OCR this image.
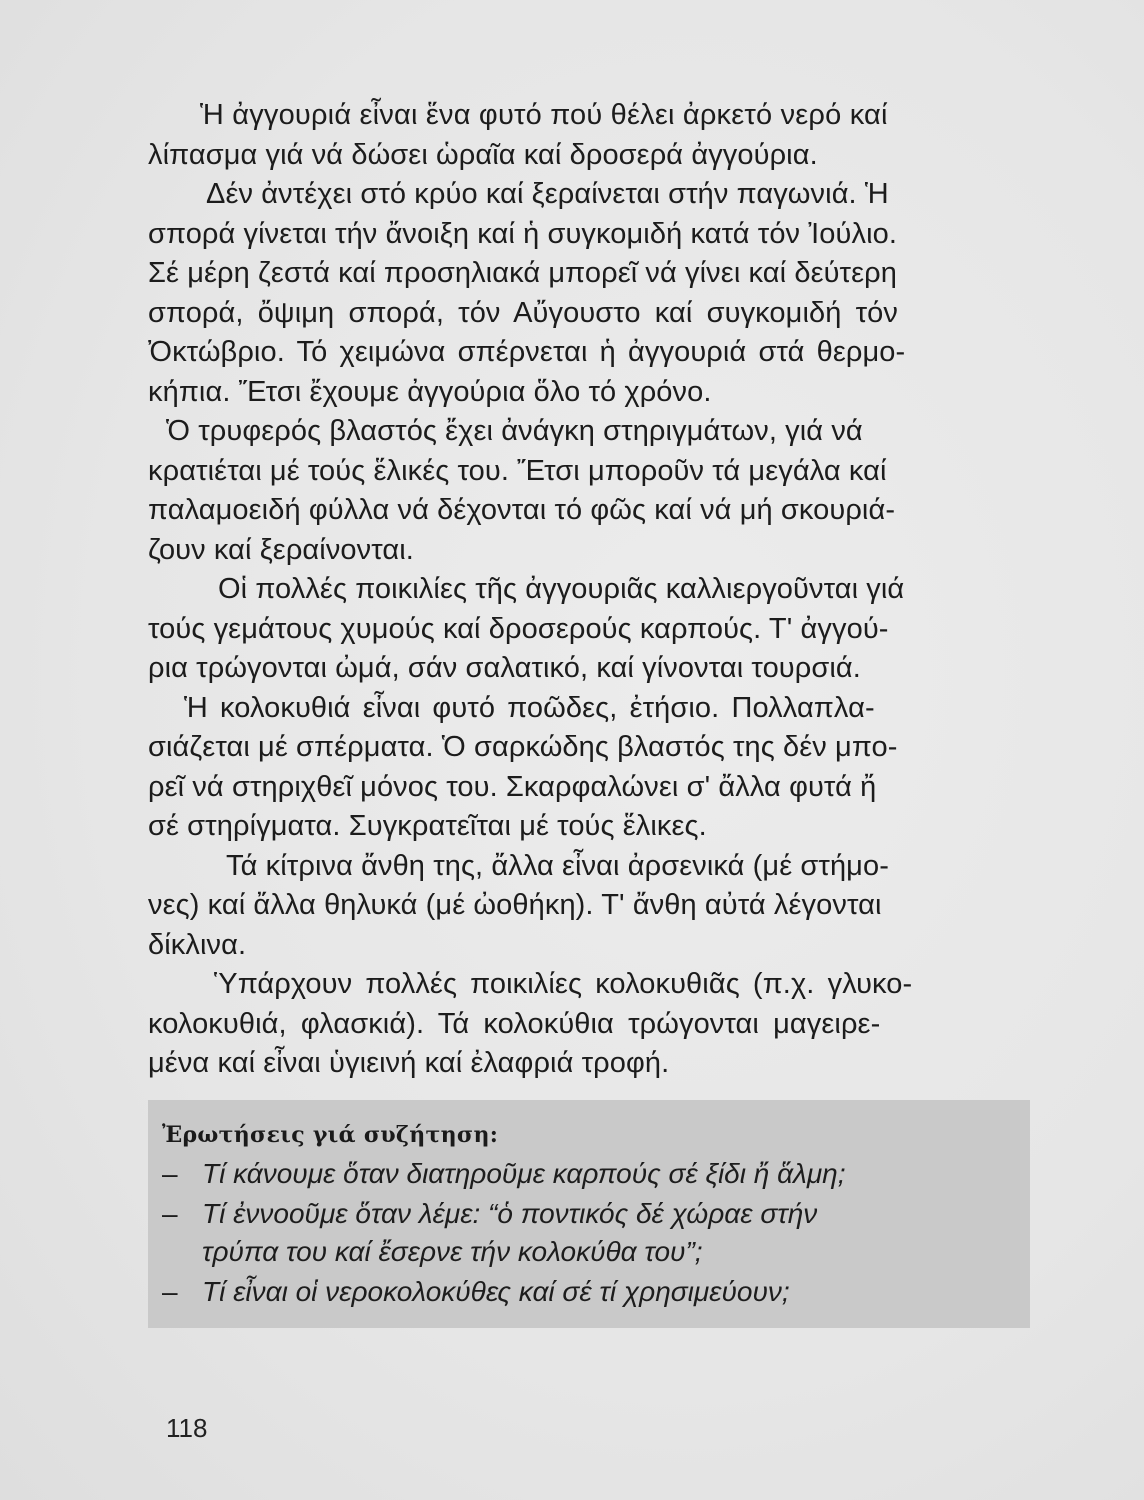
Ἡ ἀγγουριά εἶναι ἕνα φυτό πού θέλει ἀρκετό νερό καί
λίπασμα γιά νά δώσει ὡραῖα καί δροσερά ἀγγούρια.
Δέν ἀντέχει στό κρύο καί ξεραίνεται στήν παγωνιά. Ἡ
σπορά γίνεται τήν ἄνοιξη καί ἡ συγκομιδή κατά τόν Ἰούλιο.
Σέ μέρη ζεστά καί προσηλιακά μπορεῖ νά γίνει καί δεύτερη
σπορά, ὄψιμη σπορά, τόν Αὔγουστο καί συγκομιδή τόν
Ὀκτώβριο. Τό χειμώνα σπέρνεται ἡ ἀγγουριά στά θερμο-
κήπια. Ἔτσι ἔχουμε ἀγγούρια ὅλο τό χρόνο.
Ὁ τρυφερός βλαστός ἔχει ἀνάγκη στηριγμάτων, γιά νά
κρατιέται μέ τούς ἕλικές του. Ἔτσι μποροῦν τά μεγάλα καί
παλαμοειδή φύλλα νά δέχονται τό φῶς καί νά μή σκουριά-
ζουν καί ξεραίνονται.
Οἱ πολλές ποικιλίες τῆς ἀγγουριᾶς καλλιεργοῦνται γιά
τούς γεμάτους χυμούς καί δροσερούς καρπούς. Τ' ἀγγού-
ρια τρώγονται ὠμά, σάν σαλατικό, καί γίνονται τουρσιά.
Ἡ κολοκυθιά εἶναι φυτό ποῶδες, ἐτήσιο. Πολλαπλα-
σιάζεται μέ σπέρματα. Ὁ σαρκώδης βλαστός της δέν μπο-
ρεῖ νά στηριχθεῖ μόνος του. Σκαρφαλώνει σ' ἄλλα φυτά ἤ
σέ στηρίγματα. Συγκρατεῖται μέ τούς ἕλικες.
Τά κίτρινα ἄνθη της, ἄλλα εἶναι ἀρσενικά (μέ στήμο-
νες) καί ἄλλα θηλυκά (μέ ὠοθήκη). Τ' ἄνθη αὐτά λέγονται
δίκλινα.
Ὑπάρχουν πολλές ποικιλίες κολοκυθιᾶς (π.χ. γλυκο-
κολοκυθιά, φλασκιά). Τά κολοκύθια τρώγονται μαγειρε-
μένα καί εἶναι ὑγιεινή καί ἐλαφριά τροφή.
Ἐρωτήσεις γιά συζήτηση:
– Τί κάνουμε ὅταν διατηροῦμε καρπούς σέ ξίδι ἤ ἅλμη;
– Τί ἐννοοῦμε ὅταν λέμε: “ὁ ποντικός δέ χώραε στήν
τρύπα του καί ἔσερνε τήν κολοκύθα του”;
– Τί εἶναι οἱ νεροκολοκύθες καί σέ τί χρησιμεύουν;
118
